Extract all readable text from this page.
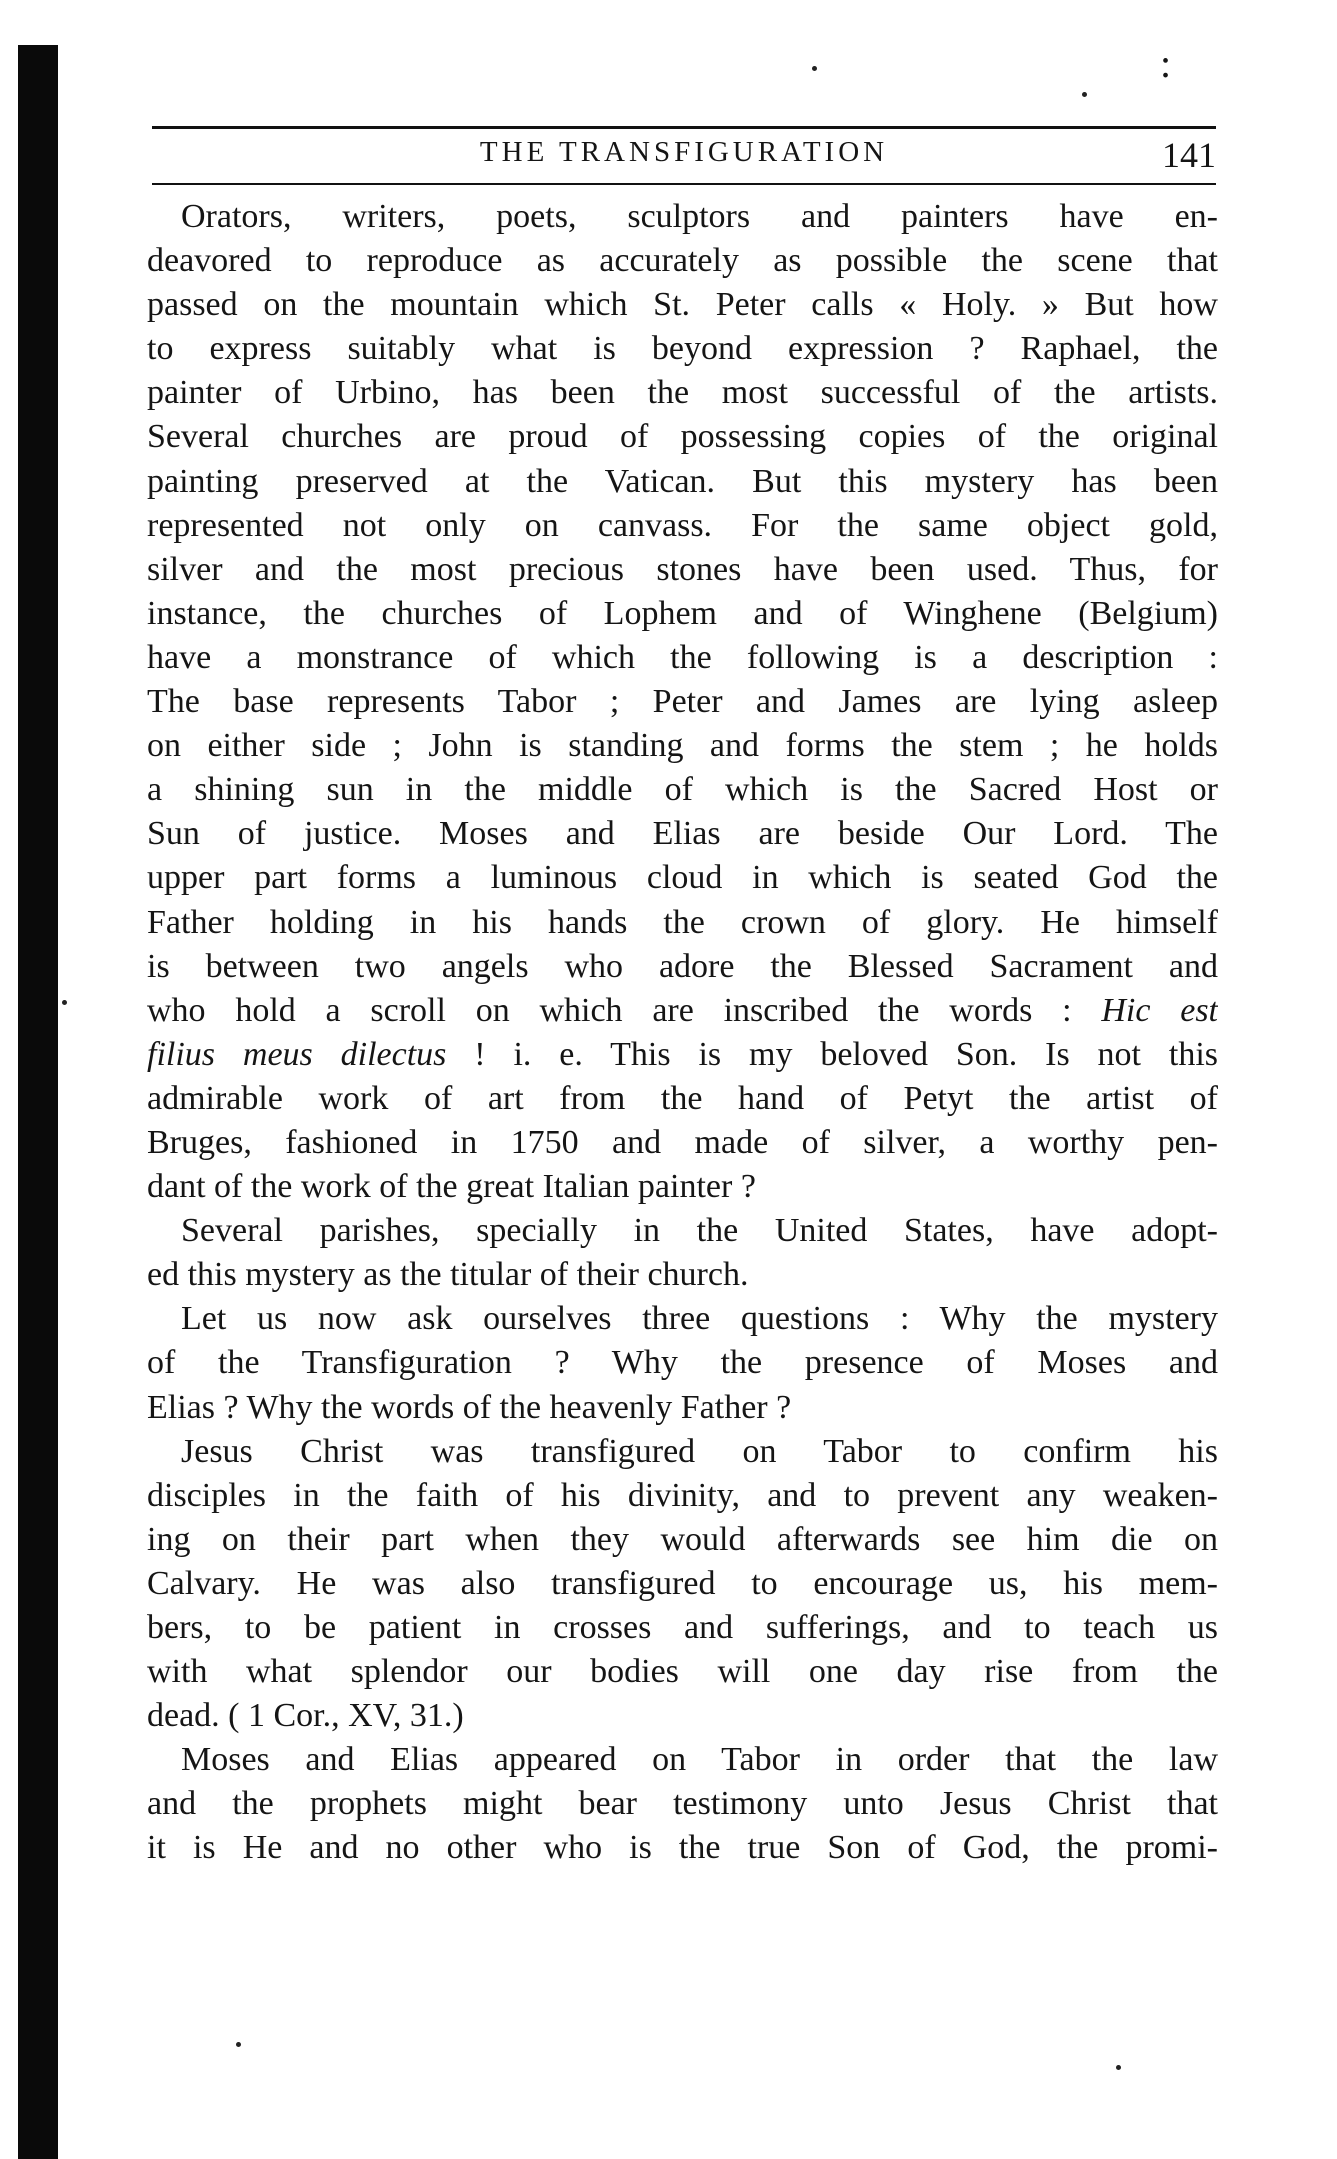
:
THE TRANSFIGURATION	141
Orators, writers, poets, sculptors and painters have en-
deavored to reproduce as accurately as possible the scene that
passed on the mountain which St. Peter calls « Holy. » But how
to express suitably what is beyond expression ? Raphael, the
painter of Urbino, has been the most successful of the artists.
Several churches are proud of possessing copies of the original
painting preserved at the Vatican. But this mystery has been
represented not only on canvass. For the same object gold,
silver and the most precious stones have been used. Thus, for
instance, the churches of Lophem and of Winghene (Belgium)
have a monstrance of which the following is a description :
The base represents Tabor ; Peter and James are lying asleep
on either side ; John is standing and forms the stem ; he holds
a shining sun in the middle of which is the Sacred Host or
Sun of justice. Moses and Elias are beside Our Lord. The
upper part forms a luminous cloud in which is seated God the
Father holding in his hands the crown of glory. He himself
is between two angels who adore the Blessed Sacrament and
who hold a scroll on which are inscribed the words : Hic est
filius meus dilectus ! i. e. This is my beloved Son. Is not this
admirable work of art from the hand of Petyt the artist of
Bruges, fashioned in 1750 and made of silver, a worthy pen-
dant of the work of the great Italian painter ?
Several parishes, specially in the United States, have adopt-
ed this mystery as the titular of their church.
Let us now ask ourselves three questions : Why the mystery
of the Transfiguration ? Why the presence of Moses and
Elias ? Why the words of the heavenly Father ?
Jesus Christ was transfigured on Tabor to confirm his
disciples in the faith of his divinity, and to prevent any weaken-
ing on their part when they would afterwards see him die on
Calvary. He was also transfigured to encourage us, his mem-
bers, to be patient in crosses and sufferings, and to teach us
with what splendor our bodies will one day rise from the
dead. ( 1 Cor., XV, 31.)
Moses and Elias appeared on Tabor in order that the law
and the prophets might bear testimony unto Jesus Christ that
it is He and no other who is the true Son of God, the promi-
